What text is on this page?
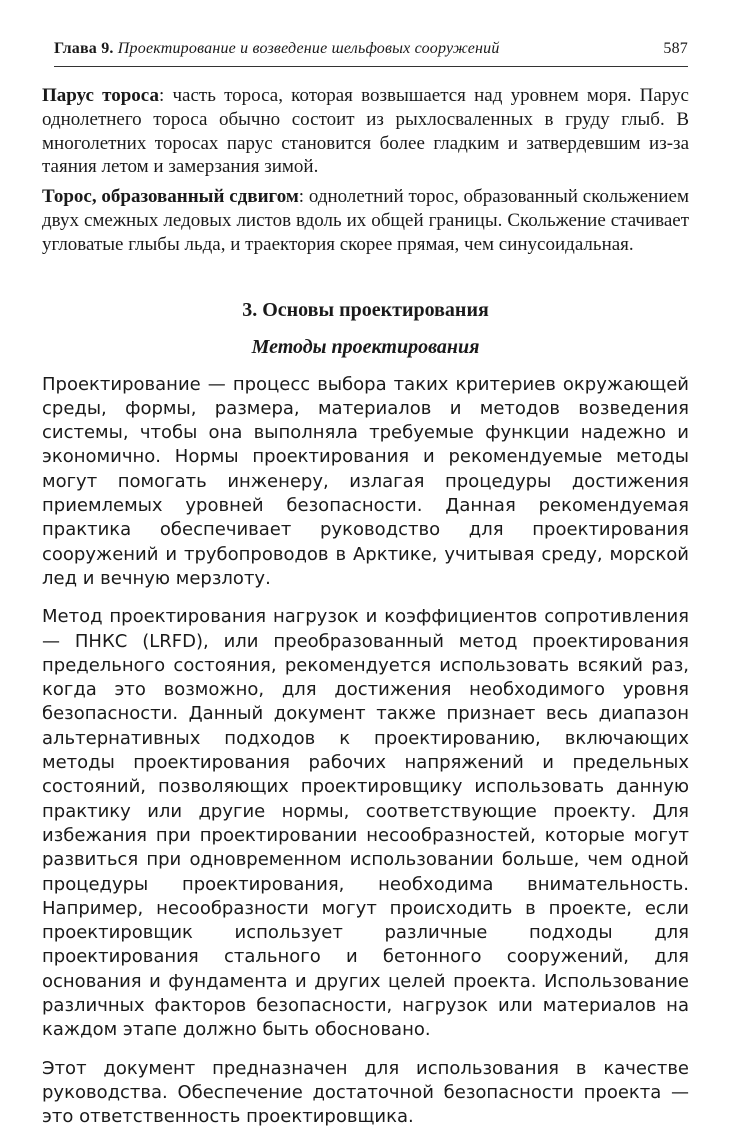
Глава 9. Проектирование и возведение шельфовых сооружений	587

Парус тороса: часть тороса, которая возвышается над уровнем моря. Парус однолетнего тороса обычно состоит из рыхлосваленных в груду глыб. В многолетних торосах парус становится более гладким и затвердевшим из-за таяния летом и замерзания зимой.

Торос, образованный сдвигом: однолетний торос, образованный скольжением двух смежных ледовых листов вдоль их общей границы. Скольжение стачивает угловатые глыбы льда, и траектория скорее прямая, чем синусоидальная.

3. Основы проектирования
Методы проектирования

Проектирование — процесс выбора таких критериев окружающей среды, формы, размера, материалов и методов возведения системы, чтобы она выполняла требуемые функции надежно и экономично. Нормы проектирования и рекомендуемые методы могут помогать инженеру, излагая процедуры достижения приемлемых уровней безопасности. Данная рекомендуемая практика обеспечивает руководство для проектирования сооружений и трубопроводов в Арктике, учитывая среду, морской лед и вечную мерзлоту.

Метод проектирования нагрузок и коэффициентов сопротивления — ПНКС (LRFD), или преобразованный метод проектирования предельного состояния, рекомендуется использовать всякий раз, когда это возможно, для достижения необходимого уровня безопасности. Данный документ также признает весь диапазон альтернативных подходов к проектированию, включающих методы проектирования рабочих напряжений и предельных состояний, позволяющих проектировщику использовать данную практику или другие нормы, соответствующие проекту. Для избежания при проектировании несообразностей, которые могут развиться при одновременном использовании больше, чем одной процедуры проектирования, необходима внимательность. Например, несообразности могут происходить в проекте, если проектировщик использует различные подходы для проектирования стального и бетонного сооружений, для основания и фундамента и других целей проекта. Использование различных факторов безопасности, нагрузок или материалов на каждом этапе должно быть обосновано.

Этот документ предназначен для использования в качестве руководства. Обеспечение достаточной безопасности проекта — это ответственность проектировщика.
